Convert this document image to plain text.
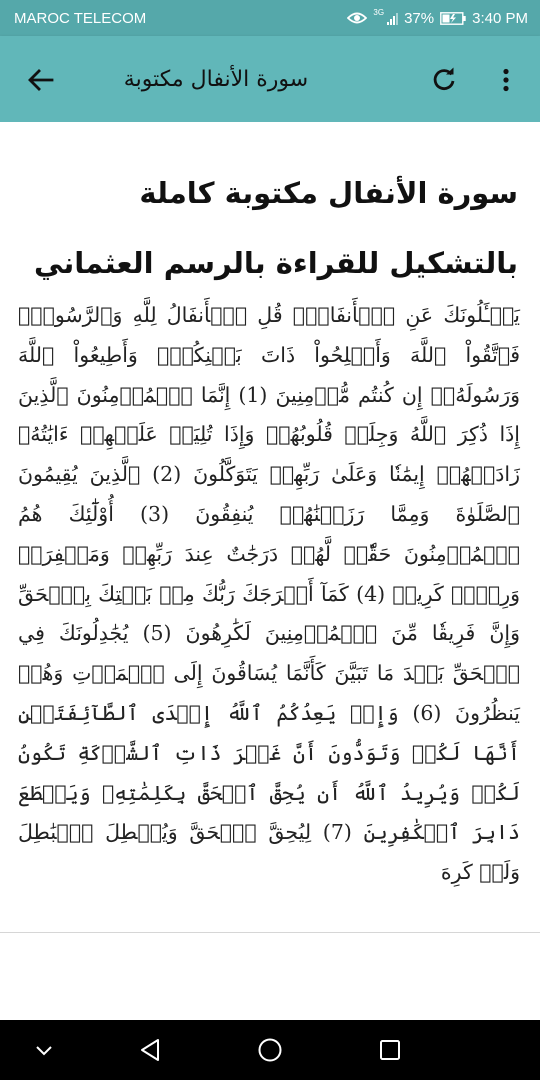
MAROC TELECOM	3G 37%	3:40 PM
سورة الأنفال مكتوبة
سورة الأنفال مكتوبة كاملة بالتشكيل للقراءة بالرسم العثماني
يَسۡـَٔلُونَكَ عَنِ ٱلۡأَنفَالِۖ قُلِ ٱلۡأَنفَالُ لِلَّهِ وَٱلرَّسُولِۖ فَٱتَّقُواْ ٱللَّهَ وَأَصۡلِحُواْ ذَاتَ بَيۡنِكُمۡۖ وَأَطِيعُواْ ٱللَّهَ وَرَسُولَهُۥٓ إِن كُنتُم مُّؤۡمِنِينَ (1) إِنَّمَا ٱلۡمُؤۡمِنُونَ ٱلَّذِينَ إِذَا ذُكِرَ ٱللَّهُ وَجِلَتۡ قُلُوبُهُمۡ وَإِذَا تُلِيَتۡ عَلَيۡهِمۡ ءَايَٰتُهُۥ زَادَتۡهُمۡ إِيمَٰنٗا وَعَلَىٰ رَبِّهِمۡ يَتَوَكَّلُونَ (2) ٱلَّذِينَ يُقِيمُونَ ٱلصَّلَوٰةَ وَمِمَّا رَزَقۡنَٰهُمۡ يُنفِقُونَ (3) أُوْلَٰٓئِكَ هُمُ ٱلۡمُؤۡمِنُونَ حَقّٗاۚ لَّهُمۡ دَرَجَٰتٌ عِندَ رَبِّهِمۡ وَمَغۡفِرَةٞ وَرِزۡقٞ كَرِيمٞ (4) كَمَآ أَخۡرَجَكَ رَبُّكَ مِنۢ بَيۡتِكَ بِٱلۡحَقِّ وَإِنَّ فَرِيقٗا مِّنَ ٱلۡمُؤۡمِنِينَ لَكَٰرِهُونَ (5) يُجَٰدِلُونَكَ فِي ٱلۡحَقِّ بَعۡدَ مَا تَبَيَّنَ كَأَنَّمَا يُسَاقُونَ إِلَى ٱلۡمَوۡتِ وَهُمۡ يَنظُرُونَ (6) وَإِذۡ يَعِدُكُمُ ٱللَّهُ إِحۡدَى ٱلطَّآئِفَتَيۡنِ أَنَّهَا لَكُمۡ وَتَوَدُّونَ أَنَّ غَيۡرَ ذَاتِ ٱلشَّوۡكَةِ تَكُونُ لَكُمۡ وَيُرِيدُ ٱللَّهُ أَن يُحِقَّ ٱلۡحَقَّ بِكَلِمَٰتِهِۦ وَيَقۡطَعَ دَابِرَ ٱلۡكَٰفِرِينَ (7) لِيُحِقَّ ٱلۡحَقَّ وَيُبۡطِلَ ٱلۡبَٰطِلَ وَلَوۡ كَرِهَ
